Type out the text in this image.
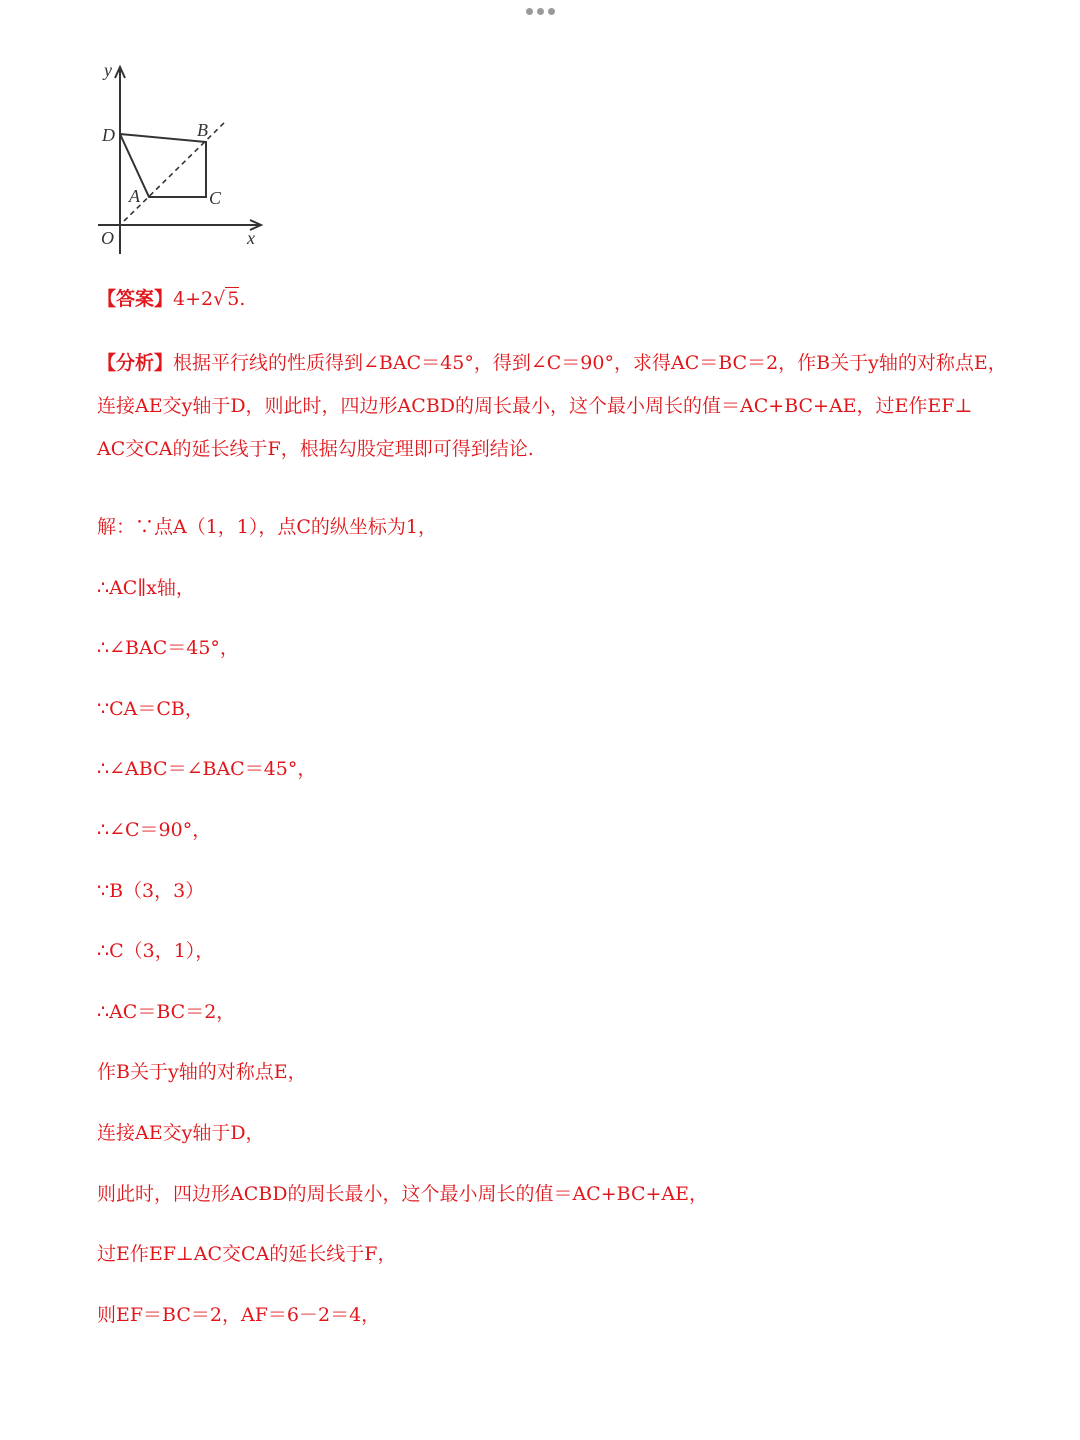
y
x
O
D	B
A	C
【答案】4+2√ 5.
【分析】根据平行线的性质得到∠BAC＝45°，得到∠C＝90°，求得AC＝BC＝2，作B关于y轴的对称点E，
连接AE交y轴于D，则此时，四边形ACBD的周长最小，这个最小周长的值＝AC+BC+AE，过E作EF⊥
AC交CA的延长线于F，根据勾股定理即可得到结论.
解：∵点A（1，1），点C的纵坐标为1，
∴AC∥x轴，
∴∠BAC＝45°，
∵CA＝CB，
∴∠ABC＝∠BAC＝45°，
∴∠C＝90°，
∵B（3，3）
∴C（3，1），
∴AC＝BC＝2，
作B关于y轴的对称点E，
连接AE交y轴于D，
则此时，四边形ACBD的周长最小，这个最小周长的值＝AC+BC+AE，
过E作EF⊥AC交CA的延长线于F，
则EF＝BC＝2，AF＝6－2＝4，
